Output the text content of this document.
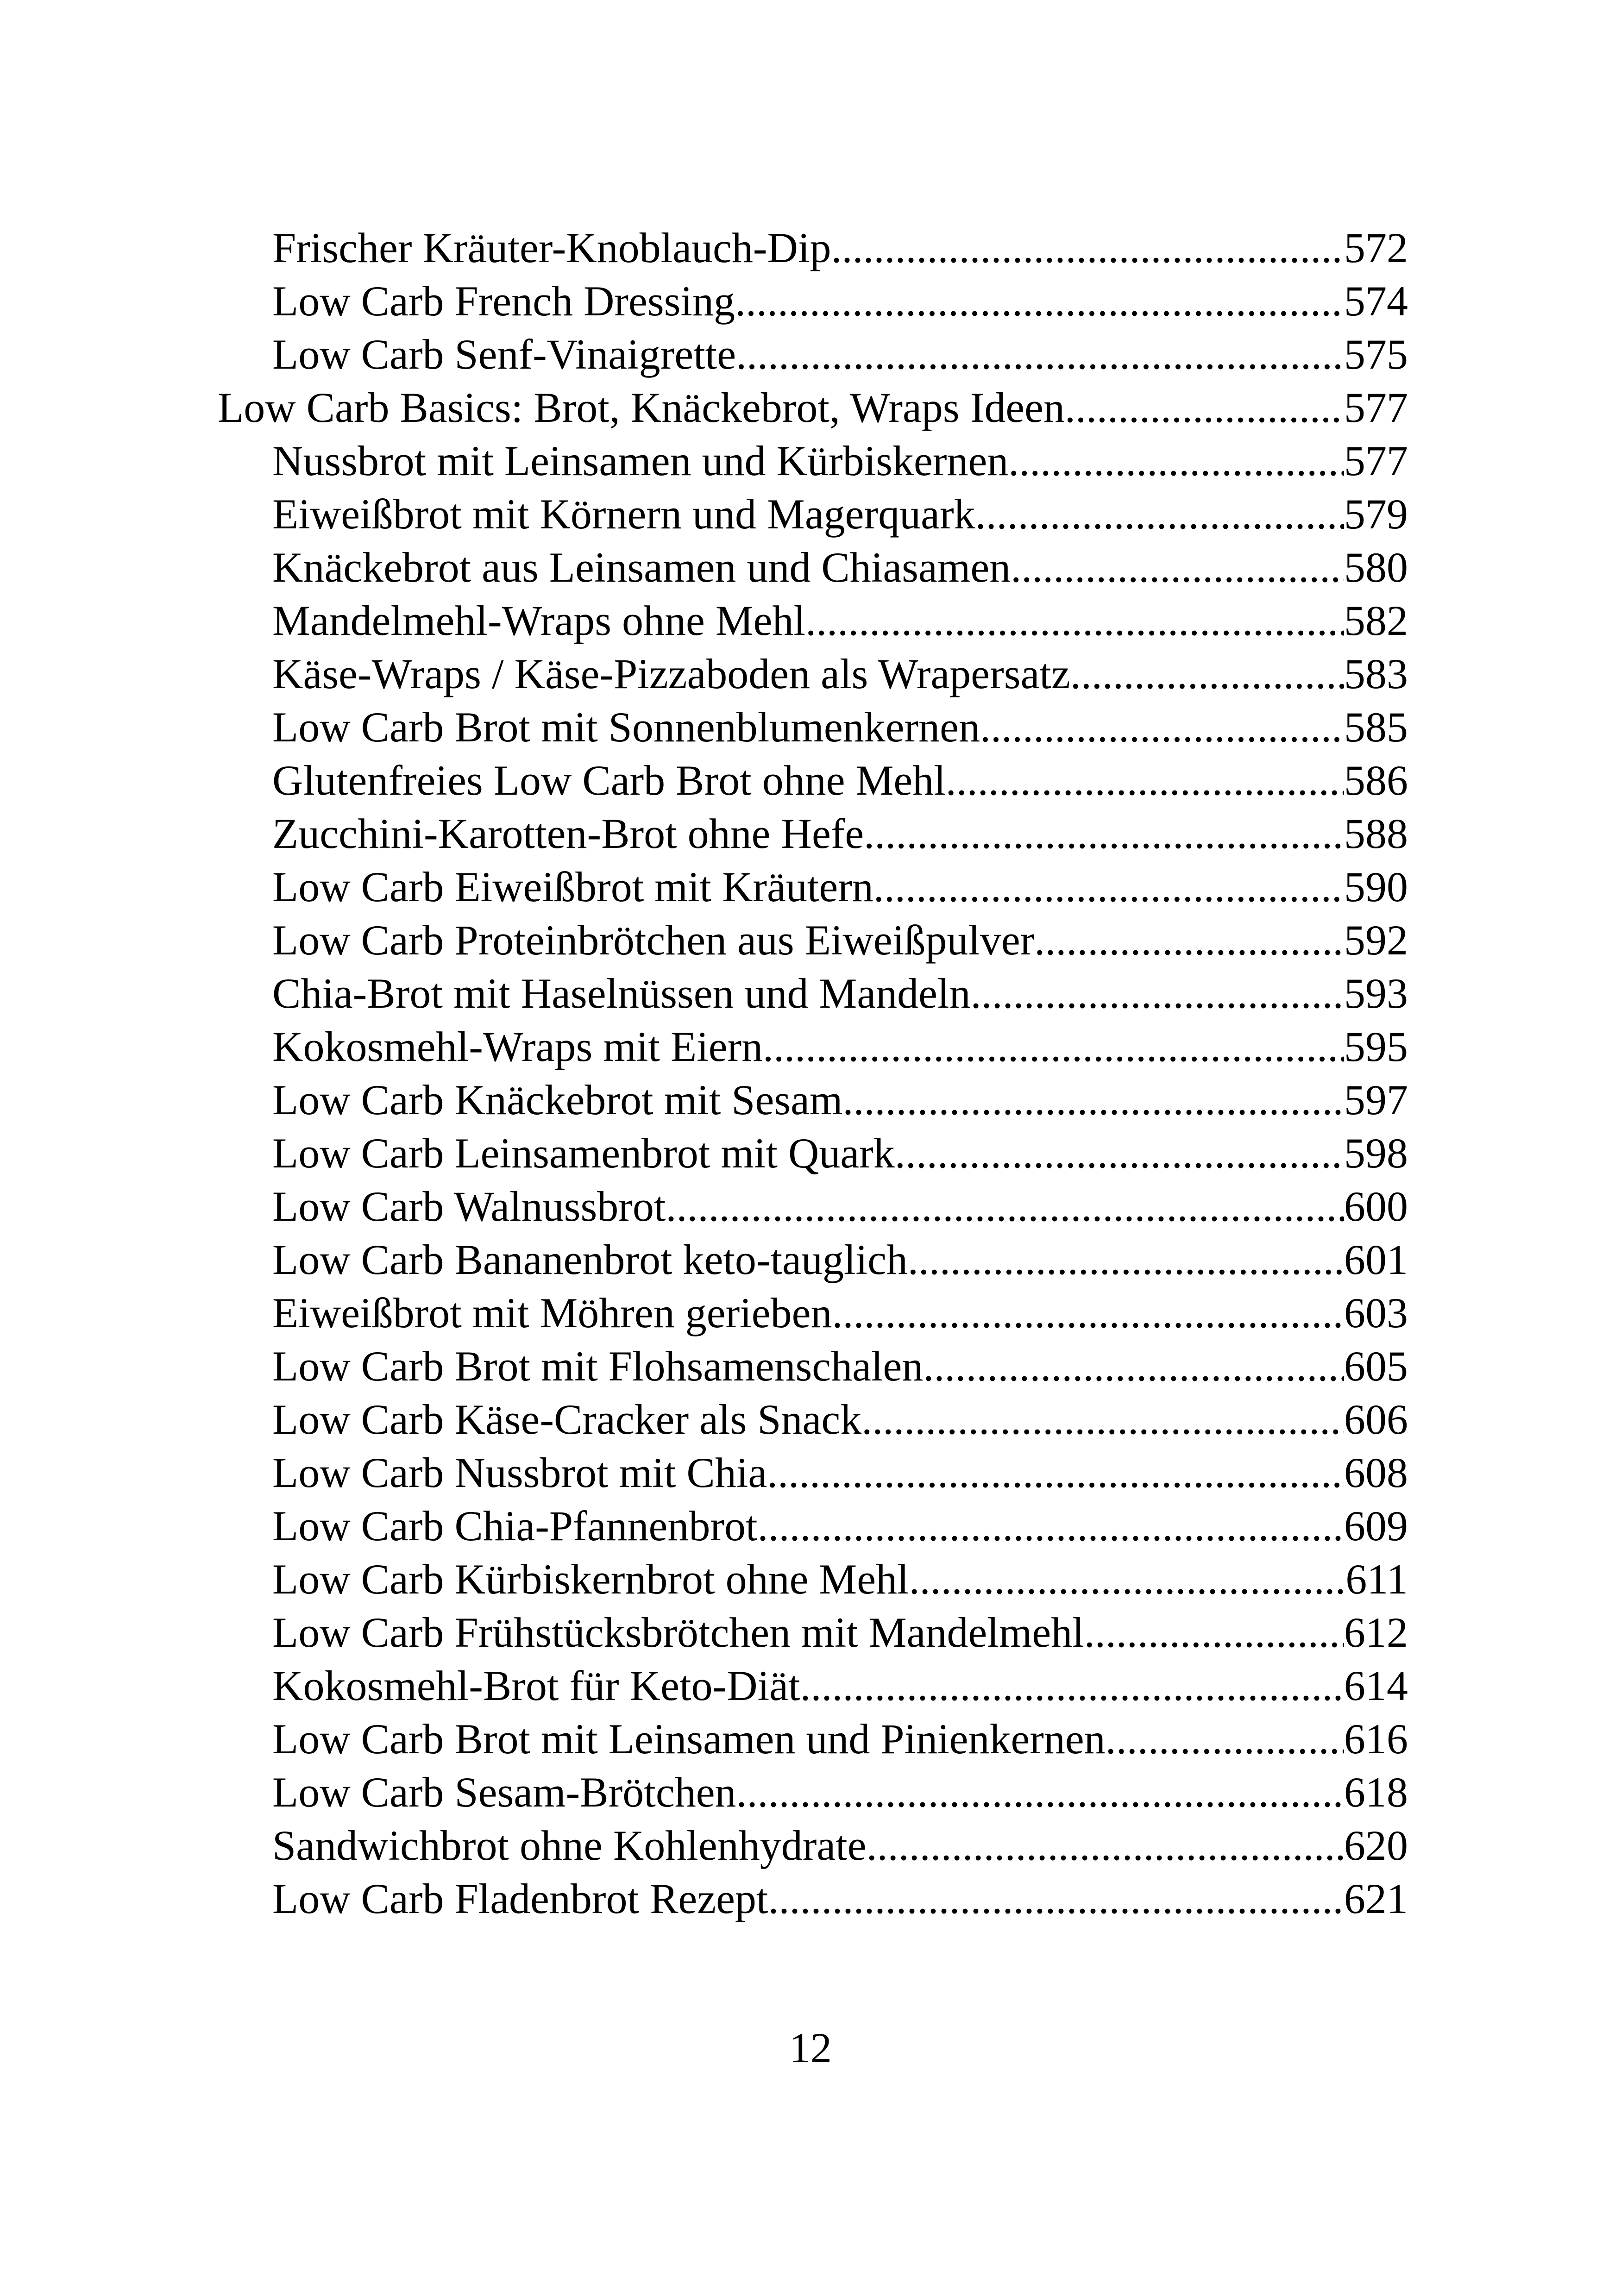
Frischer Kräuter-Knoblauch-Dip .....	572
Low Carb French Dressing .....	574
Low Carb Senf-Vinaigrette .....	575
Low Carb Basics: Brot, Knäckebrot, Wraps Ideen .....	577
Nussbrot mit Leinsamen und Kürbiskernen .....	577
Eiweißbrot mit Körnern und Magerquark .....	579
Knäckebrot aus Leinsamen und Chiasamen .....	580
Mandelmehl-Wraps ohne Mehl .....	582
Käse-Wraps / Käse-Pizzaboden als Wrapersatz .....	583
Low Carb Brot mit Sonnenblumenkernen .....	585
Glutenfreies Low Carb Brot ohne Mehl .....	586
Zucchini-Karotten-Brot ohne Hefe .....	588
Low Carb Eiweißbrot mit Kräutern .....	590
Low Carb Proteinbrötchen aus Eiweißpulver .....	592
Chia-Brot mit Haselnüssen und Mandeln .....	593
Kokosmehl-Wraps mit Eiern .....	595
Low Carb Knäckebrot mit Sesam .....	597
Low Carb Leinsamenbrot mit Quark .....	598
Low Carb Walnussbrot .....	600
Low Carb Bananenbrot keto-tauglich .....	601
Eiweißbrot mit Möhren gerieben .....	603
Low Carb Brot mit Flohsamenschalen .....	605
Low Carb Käse-Cracker als Snack .....	606
Low Carb Nussbrot mit Chia .....	608
Low Carb Chia-Pfannenbrot .....	609
Low Carb Kürbiskernbrot ohne Mehl .....	611
Low Carb Frühstücksbrötchen mit Mandelmehl .....	612
Kokosmehl-Brot für Keto-Diät .....	614
Low Carb Brot mit Leinsamen und Pinienkernen .....	616
Low Carb Sesam-Brötchen .....	618
Sandwichbrot ohne Kohlenhydrate .....	620
Low Carb Fladenbrot Rezept .....	621
12
